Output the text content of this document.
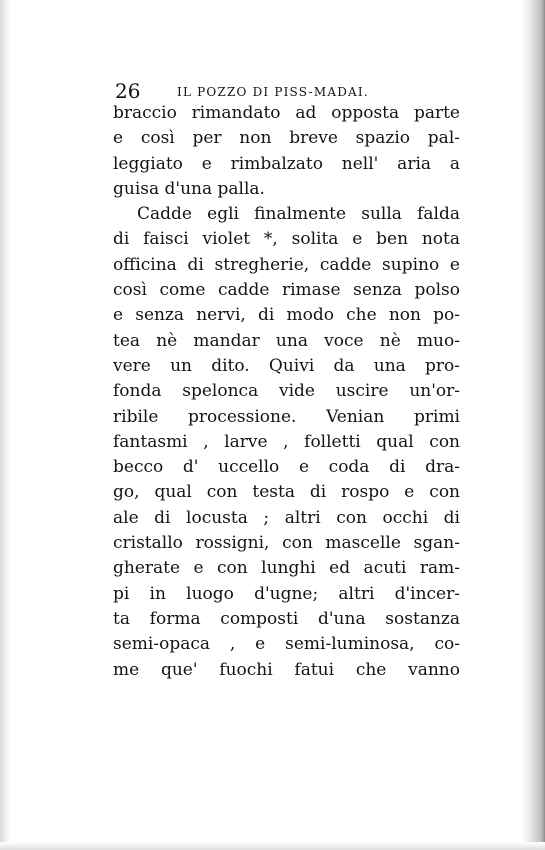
26	IL POZZO DI PISS-MADAI.
braccio rimandato ad opposta parte
e così per non breve spazio pal-
leggiato e rimbalzato nell' aria a
guisa d'una palla.
Cadde egli finalmente sulla falda
di faisci violet *, solita e ben nota
officina di stregherie, cadde supino e
così come cadde rimase senza polso
e senza nervi, di modo che non po-
tea nè mandar una voce nè muo-
vere un dito. Quivi da una pro-
fonda spelonca vide uscire un'or-
ribile processione. Venian primi
fantasmi , larve , folletti qual con
becco d' uccello e coda di dra-
go, qual con testa di rospo e con
ale di locusta ; altri con occhi di
cristallo rossigni, con mascelle sgan-
gherate e con lunghi ed acuti ram-
pi in luogo d'ugne; altri d'incer-
ta forma composti d'una sostanza
semi-opaca , e semi-luminosa, co-
me que' fuochi fatui che vanno
